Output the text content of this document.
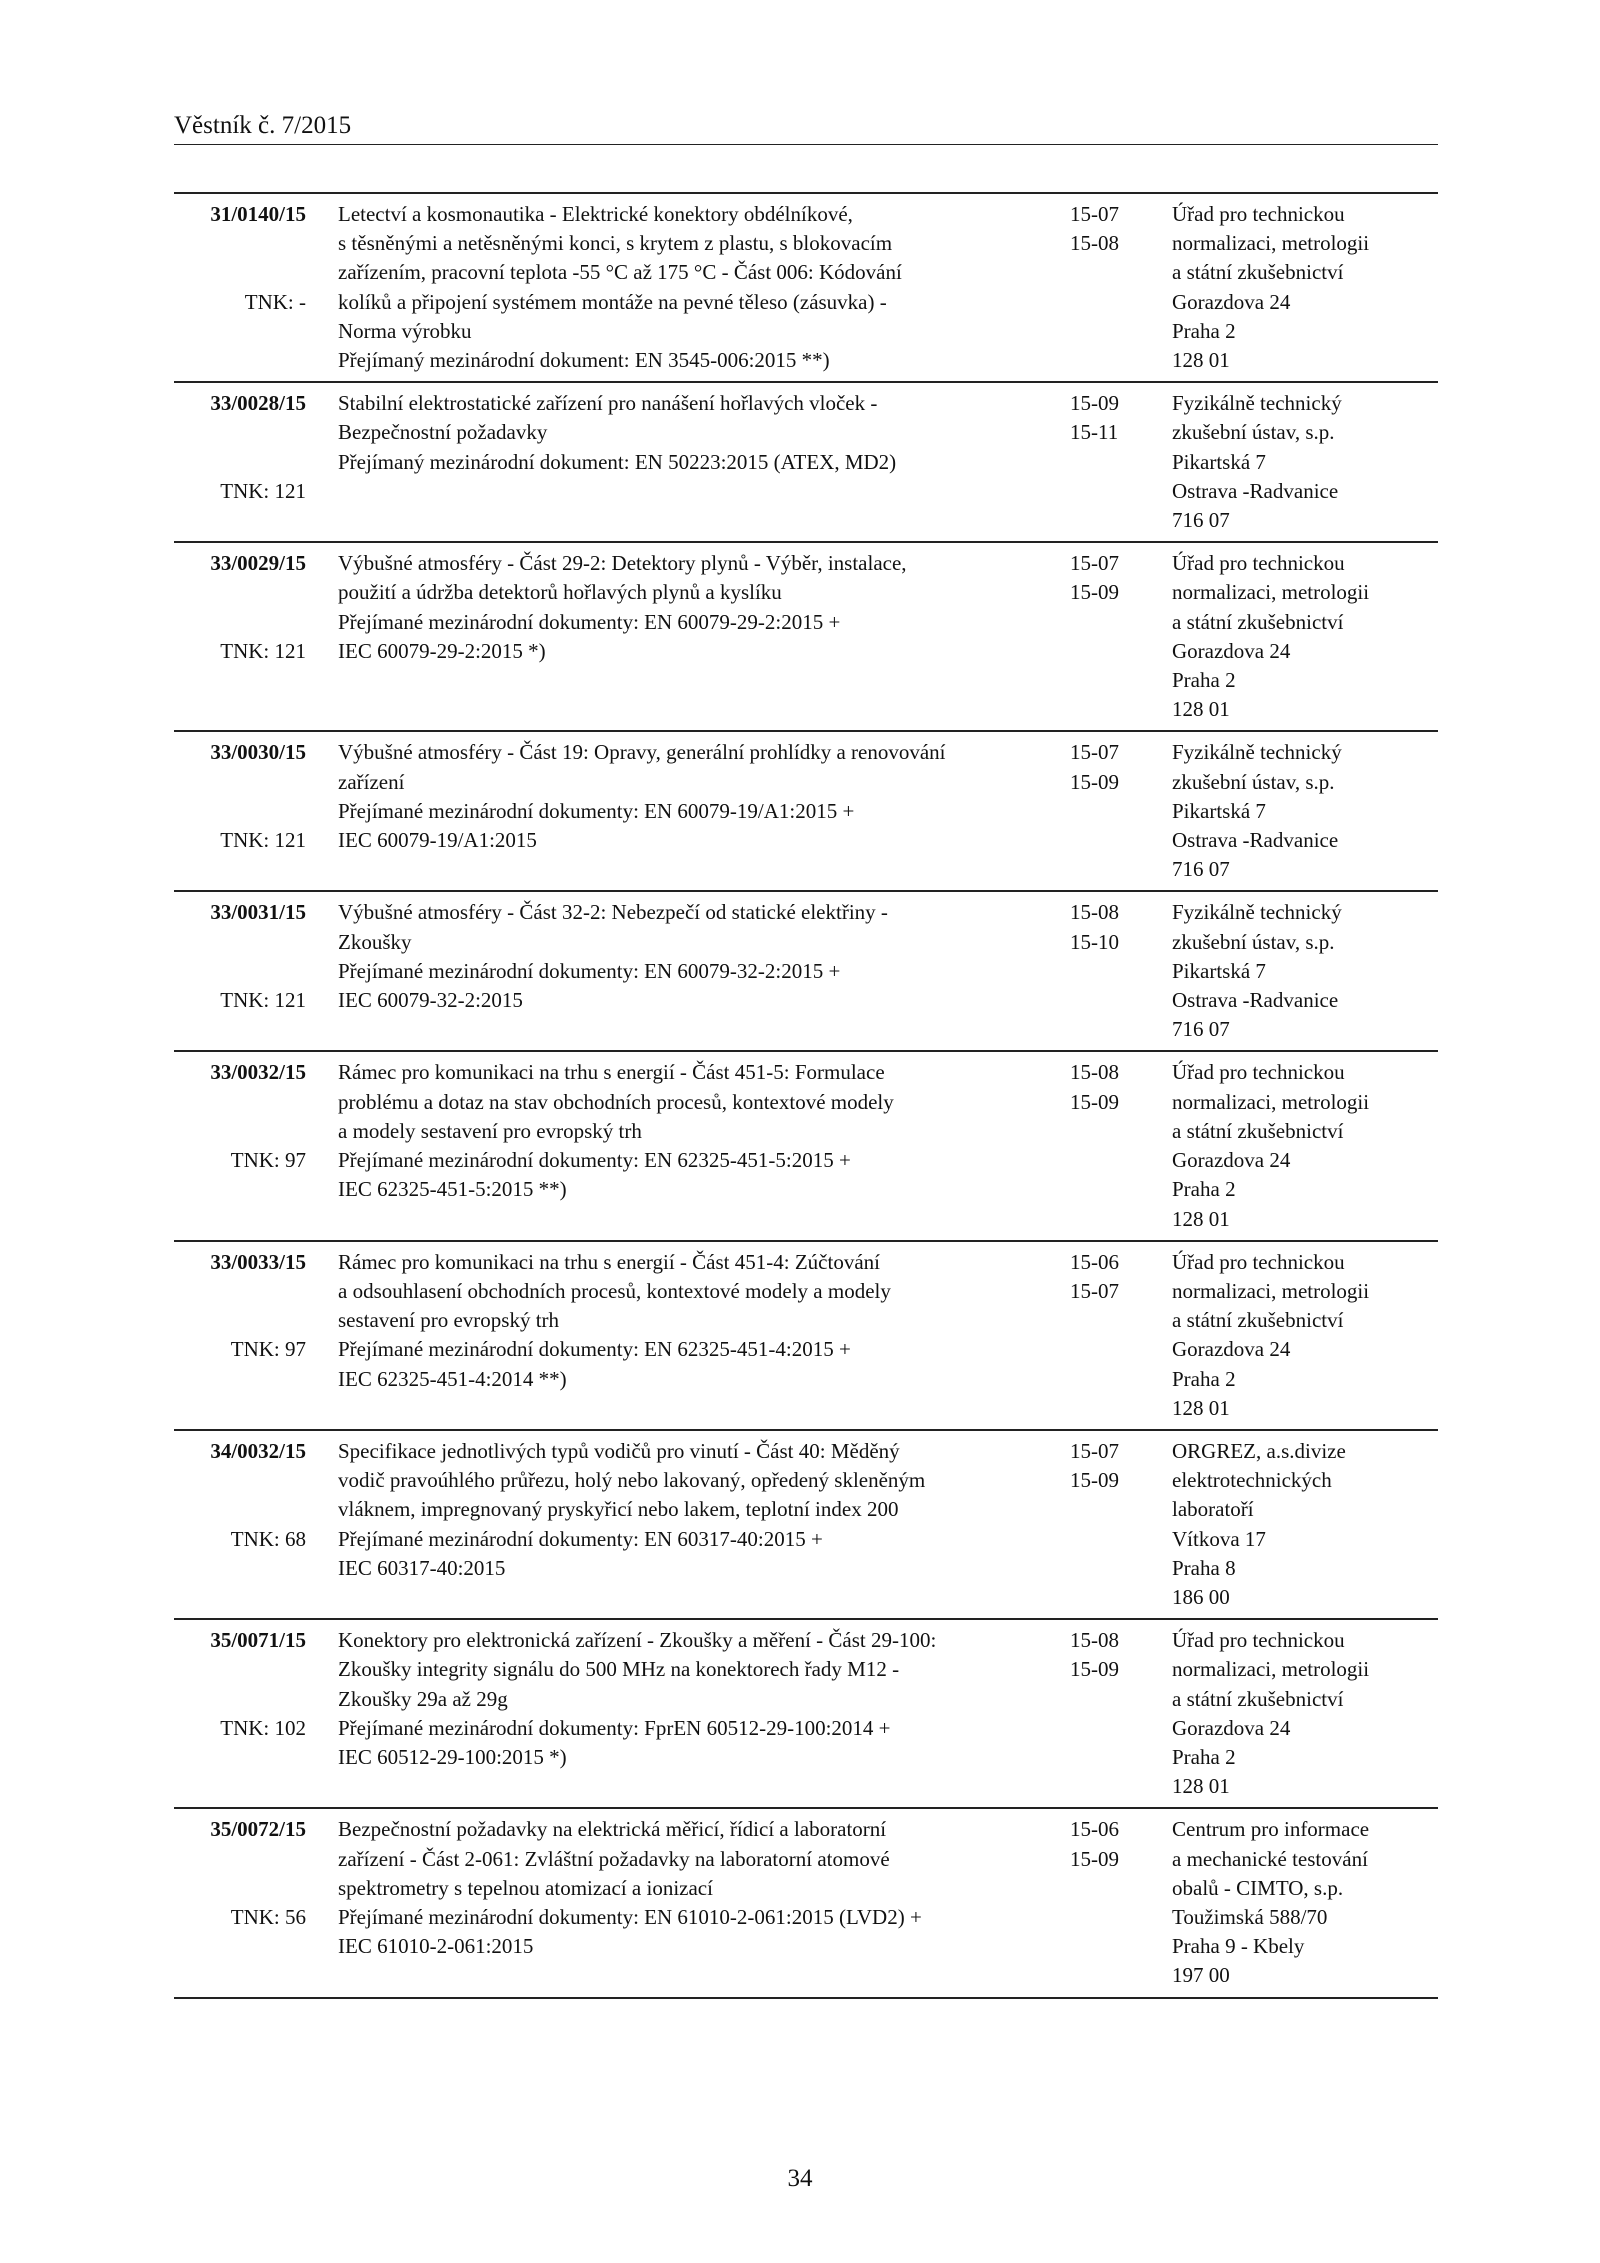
Věstník č. 7/2015
31/0140/15
TNK: -
Letectví a kosmonautika - Elektrické konektory obdélníkové,
s těsněnými a netěsněnými konci, s krytem z plastu, s blokovacím
zařízením, pracovní teplota -55 °C až 175 °C - Část 006: Kódování
kolíků a připojení systémem montáže na pevné těleso (zásuvka) -
Norma výrobku
Přejímaný mezinárodní dokument: EN 3545-006:2015 **)
15-07
15-08
Úřad pro technickou
normalizaci, metrologii
a státní zkušebnictví
Gorazdova 24
Praha 2
128 01
33/0028/15
TNK: 121
Stabilní elektrostatické zařízení pro nanášení hořlavých vloček -
Bezpečnostní požadavky
Přejímaný mezinárodní dokument: EN 50223:2015 (ATEX, MD2)
15-09
15-11
Fyzikálně technický
zkušební ústav, s.p.
Pikartská 7
Ostrava -Radvanice
716 07
33/0029/15
TNK: 121
Výbušné atmosféry - Část 29-2: Detektory plynů - Výběr, instalace,
použití a údržba detektorů hořlavých plynů a kyslíku
Přejímané mezinárodní dokumenty: EN 60079-29-2:2015 +
IEC 60079-29-2:2015 *)
15-07
15-09
Úřad pro technickou
normalizaci, metrologii
a státní zkušebnictví
Gorazdova 24
Praha 2
128 01
33/0030/15
TNK: 121
Výbušné atmosféry - Část 19: Opravy, generální prohlídky a renovování
zařízení
Přejímané mezinárodní dokumenty: EN 60079-19/A1:2015 +
IEC 60079-19/A1:2015
15-07
15-09
Fyzikálně technický
zkušební ústav, s.p.
Pikartská 7
Ostrava -Radvanice
716 07
33/0031/15
TNK: 121
Výbušné atmosféry - Část 32-2: Nebezpečí od statické elektřiny -
Zkoušky
Přejímané mezinárodní dokumenty: EN 60079-32-2:2015 +
IEC 60079-32-2:2015
15-08
15-10
Fyzikálně technický
zkušební ústav, s.p.
Pikartská 7
Ostrava -Radvanice
716 07
33/0032/15
TNK: 97
Rámec pro komunikaci na trhu s energií - Část 451-5: Formulace
problému a dotaz na stav obchodních procesů, kontextové modely
a modely sestavení pro evropský trh
Přejímané mezinárodní dokumenty: EN 62325-451-5:2015 +
IEC 62325-451-5:2015 **)
15-08
15-09
Úřad pro technickou
normalizaci, metrologii
a státní zkušebnictví
Gorazdova 24
Praha 2
128 01
33/0033/15
TNK: 97
Rámec pro komunikaci na trhu s energií - Část 451-4: Zúčtování
a odsouhlasení obchodních procesů, kontextové modely a modely
sestavení pro evropský trh
Přejímané mezinárodní dokumenty: EN 62325-451-4:2015 +
IEC 62325-451-4:2014 **)
15-06
15-07
Úřad pro technickou
normalizaci, metrologii
a státní zkušebnictví
Gorazdova 24
Praha 2
128 01
34/0032/15
TNK: 68
Specifikace jednotlivých typů vodičů pro vinutí - Část 40: Měděný
vodič pravoúhlého průřezu, holý nebo lakovaný, opředený skleněným
vláknem, impregnovaný pryskyřicí nebo lakem, teplotní index 200
Přejímané mezinárodní dokumenty: EN 60317-40:2015 +
IEC 60317-40:2015
15-07
15-09
ORGREZ, a.s.divize
elektrotechnických
laboratoří
Vítkova 17
Praha 8
186 00
35/0071/15
TNK: 102
Konektory pro elektronická zařízení - Zkoušky a měření - Část 29-100:
Zkoušky integrity signálu do 500 MHz na konektorech řady M12 -
Zkoušky 29a až 29g
Přejímané mezinárodní dokumenty: FprEN 60512-29-100:2014 +
IEC 60512-29-100:2015 *)
15-08
15-09
Úřad pro technickou
normalizaci, metrologii
a státní zkušebnictví
Gorazdova 24
Praha 2
128 01
35/0072/15
TNK: 56
Bezpečnostní požadavky na elektrická měřicí, řídicí a laboratorní
zařízení - Část 2-061: Zvláštní požadavky na laboratorní atomové
spektrometry s tepelnou atomizací a ionizací
Přejímané mezinárodní dokumenty: EN 61010-2-061:2015 (LVD2) +
IEC 61010-2-061:2015
15-06
15-09
Centrum pro informace
a mechanické testování
obalů - CIMTO, s.p.
Toužimská 588/70
Praha 9 - Kbely
197 00
34
